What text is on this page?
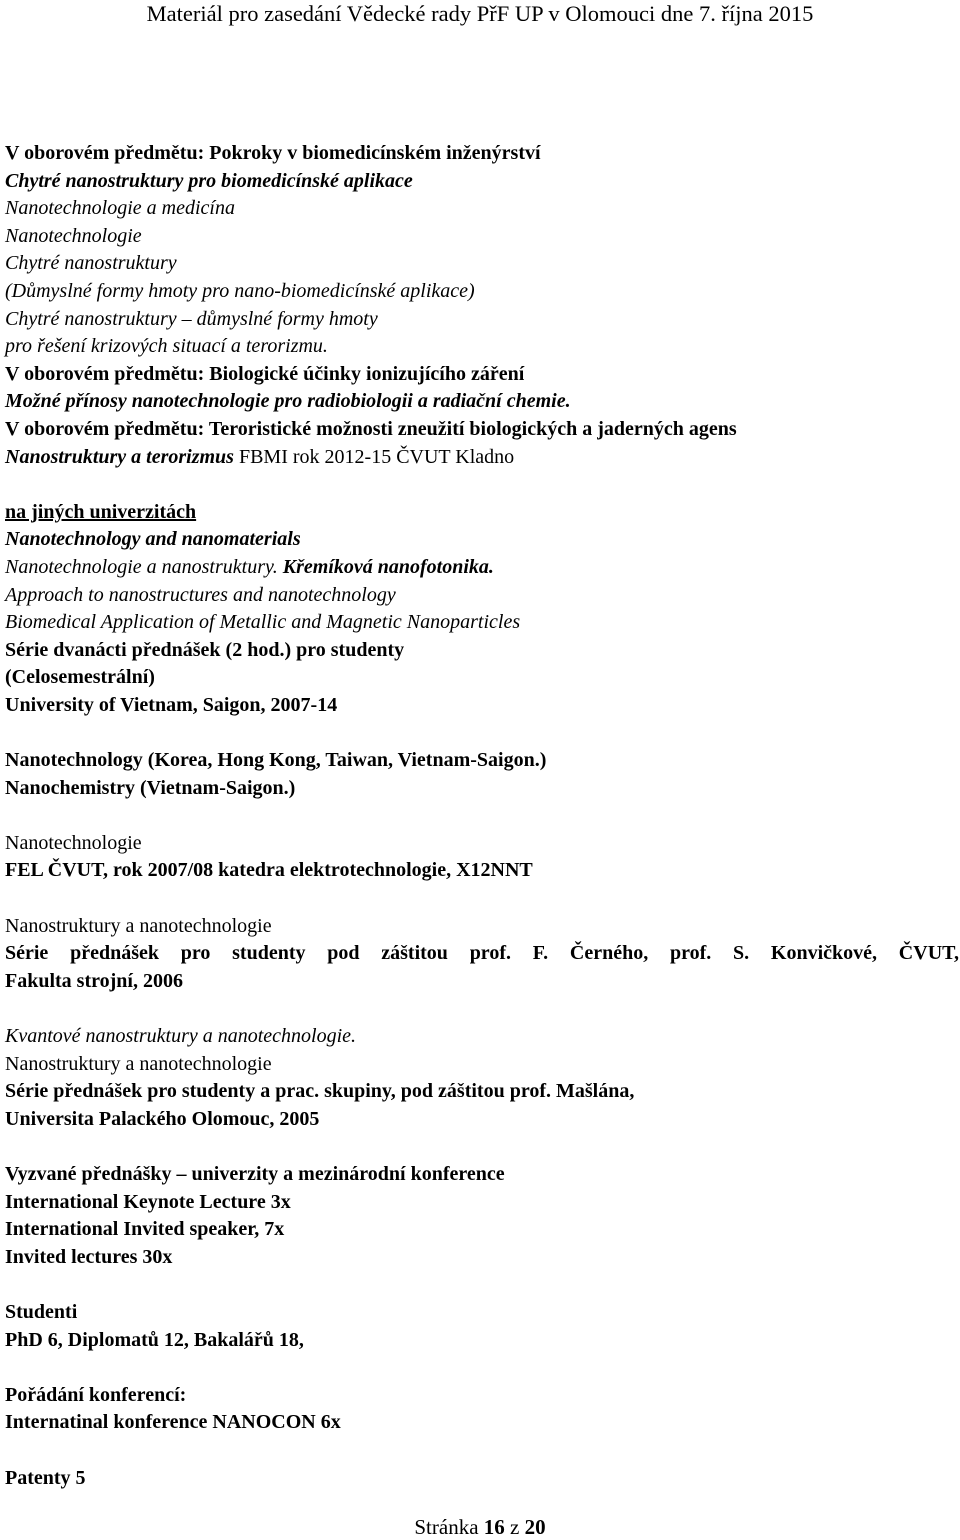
Materiál pro zasedání Vědecké rady PřF UP v Olomouci dne 7. října 2015
V oborovém předmětu: Pokroky v biomedicínském inženýrství
Chytré nanostruktury pro biomedicínské aplikace
Nanotechnologie a medicína
Nanotechnologie
Chytré nanostruktury
(Důmyslné formy hmoty pro nano-biomedicínské aplikace)
Chytré nanostruktury – důmyslné formy hmoty
pro řešení krizových situací a terorizmu.
V oborovém předmětu: Biologické účinky ionizujícího záření
Možné přínosy nanotechnologie pro radiobiologii a radiační chemie.
V oborovém předmětu: Teroristické možnosti zneužití biologických a jaderných agens
Nanostruktury a terorizmus FBMI rok 2012-15 ČVUT Kladno
na jiných univerzitách
Nanotechnology and nanomaterials
Nanotechnologie a nanostruktury. Křemíková nanofotonika.
Approach to nanostructures and nanotechnology
Biomedical Application of Metallic and Magnetic Nanoparticles
Série dvanácti přednášek (2 hod.) pro studenty
(Celosemestrální)
University of Vietnam, Saigon, 2007-14
Nanotechnology (Korea, Hong Kong, Taiwan, Vietnam-Saigon.)
Nanochemistry (Vietnam-Saigon.)
Nanotechnologie
FEL ČVUT, rok 2007/08 katedra elektrotechnologie, X12NNT
Nanostruktury a nanotechnologie
Série přednášek pro studenty pod záštitou prof. F. Černého, prof. S. Konvičkové, ČVUT,
Fakulta strojní, 2006
Kvantové nanostruktury a nanotechnologie.
Nanostruktury a nanotechnologie
Série přednášek pro studenty a prac. skupiny, pod záštitou prof. Mašlána,
Universita Palackého Olomouc, 2005
Vyzvané přednášky – univerzity a mezinárodní konference
International Keynote Lecture 3x
International Invited speaker, 7x
Invited lectures 30x
Studenti
PhD 6, Diplomatů 12, Bakalářů 18,
Pořádání konferencí:
Internatinal konference NANOCON 6x
Patenty 5
Stránka 16 z 20
